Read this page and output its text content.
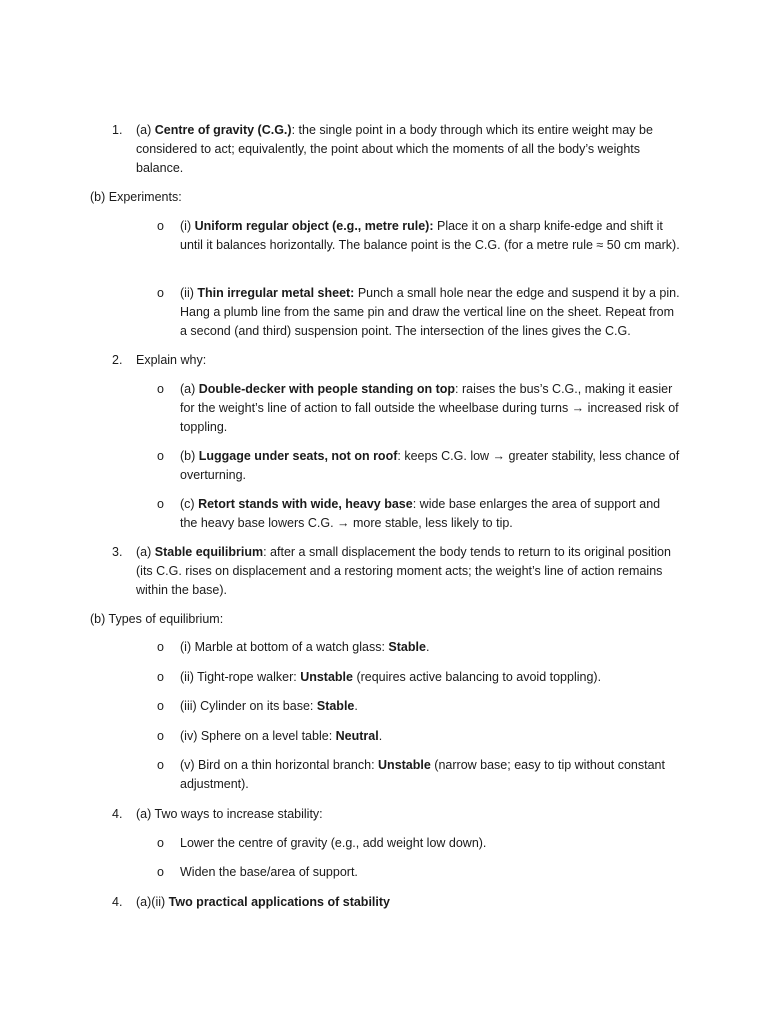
1.	(a) Centre of gravity (C.G.): the single point in a body through which its entire weight may be considered to act; equivalently, the point about which the moments of all the body’s weights balance.
(b) Experiments:
o	(i) Uniform regular object (e.g., metre rule): Place it on a sharp knife-edge and shift it until it balances horizontally. The balance point is the C.G. (for a metre rule ≈ 50 cm mark).
o	(ii) Thin irregular metal sheet: Punch a small hole near the edge and suspend it by a pin. Hang a plumb line from the same pin and draw the vertical line on the sheet. Repeat from a second (and third) suspension point. The intersection of the lines gives the C.G.
2.	Explain why:
o	(a) Double-decker with people standing on top: raises the bus’s C.G., making it easier for the weight’s line of action to fall outside the wheelbase during turns → increased risk of toppling.
o	(b) Luggage under seats, not on roof: keeps C.G. low → greater stability, less chance of overturning.
o	(c) Retort stands with wide, heavy base: wide base enlarges the area of support and the heavy base lowers C.G. → more stable, less likely to tip.
3.	(a) Stable equilibrium: after a small displacement the body tends to return to its original position (its C.G. rises on displacement and a restoring moment acts; the weight’s line of action remains within the base).
(b) Types of equilibrium:
o	(i) Marble at bottom of a watch glass: Stable.
o	(ii) Tight-rope walker: Unstable (requires active balancing to avoid toppling).
o	(iii) Cylinder on its base: Stable.
o	(iv) Sphere on a level table: Neutral.
o	(v) Bird on a thin horizontal branch: Unstable (narrow base; easy to tip without constant adjustment).
4.	(a) Two ways to increase stability:
o	Lower the centre of gravity (e.g., add weight low down).
o	Widen the base/area of support.
4.	(a)(ii) Two practical applications of stability
